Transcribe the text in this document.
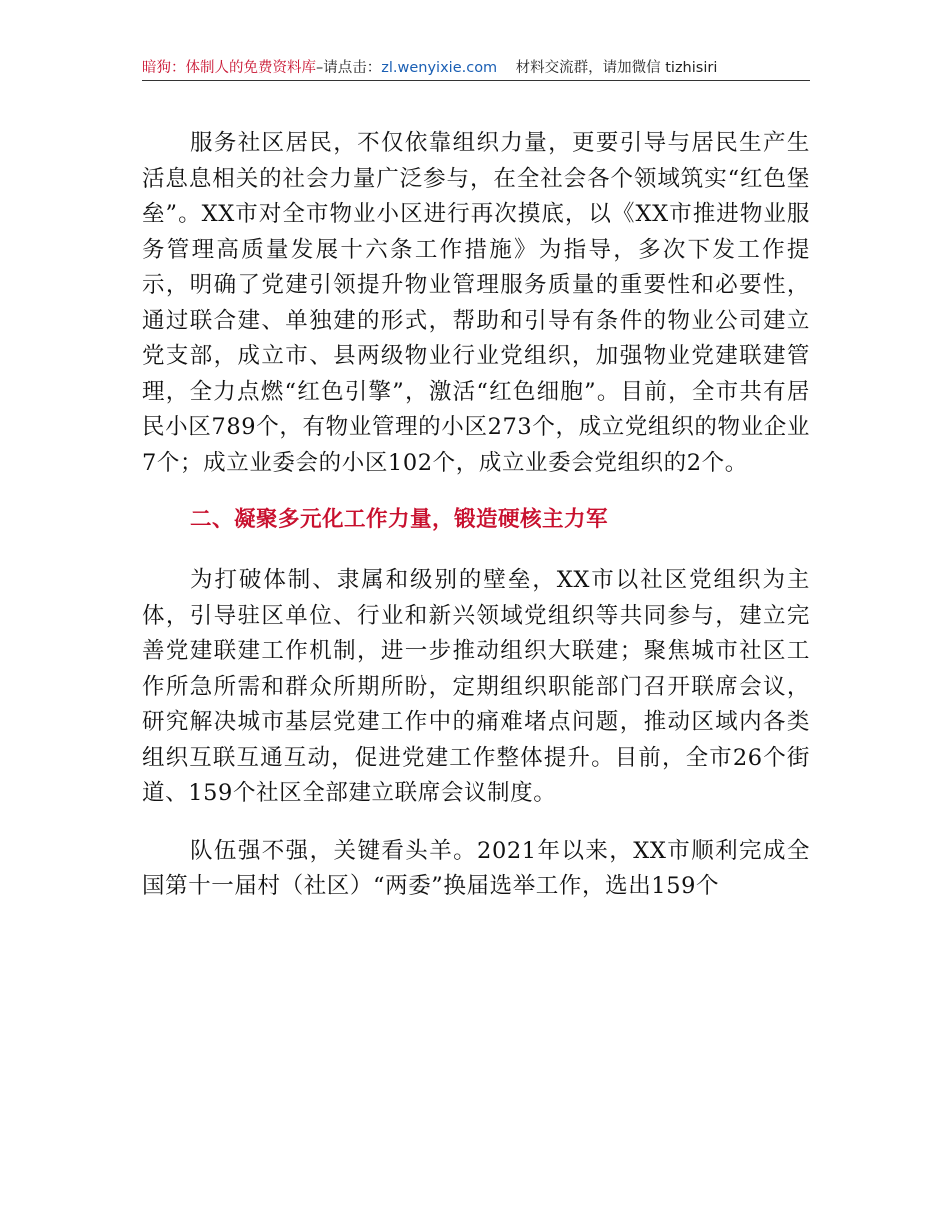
暗狗：体制人的免费资料库–请点击：zl.wenyixie.com 材料交流群，请加微信 tizhisiri

服务社区居民，不仅依靠组织力量，更要引导与居民生产生活息息相关的社会力量广泛参与，在全社会各个领域筑实“红色堡垒”。XX市对全市物业小区进行再次摸底，以《XX市推进物业服务管理高质量发展十六条工作措施》为指导，多次下发工作提示，明确了党建引领提升物业管理服务质量的重要性和必要性，通过联合建、单独建的形式，帮助和引导有条件的物业公司建立党支部，成立市、县两级物业行业党组织，加强物业党建联建管理，全力点燃“红色引擎”，激活“红色细胞”。目前，全市共有居民小区789个，有物业管理的小区273个，成立党组织的物业企业7个；成立业委会的小区102个，成立业委会党组织的2个。

二、凝聚多元化工作力量，锻造硬核主力军

为打破体制、隶属和级别的壁垒，XX市以社区党组织为主体，引导驻区单位、行业和新兴领域党组织等共同参与，建立完善党建联建工作机制，进一步推动组织大联建；聚焦城市社区工作所急所需和群众所期所盼，定期组织职能部门召开联席会议，研究解决城市基层党建工作中的痛难堵点问题，推动区域内各类组织互联互通互动，促进党建工作整体提升。目前，全市26个街道、159个社区全部建立联席会议制度。

队伍强不强，关键看头羊。2021年以来，XX市顺利完成全国第十一届村（社区）“两委”换届选举工作，选出159个
